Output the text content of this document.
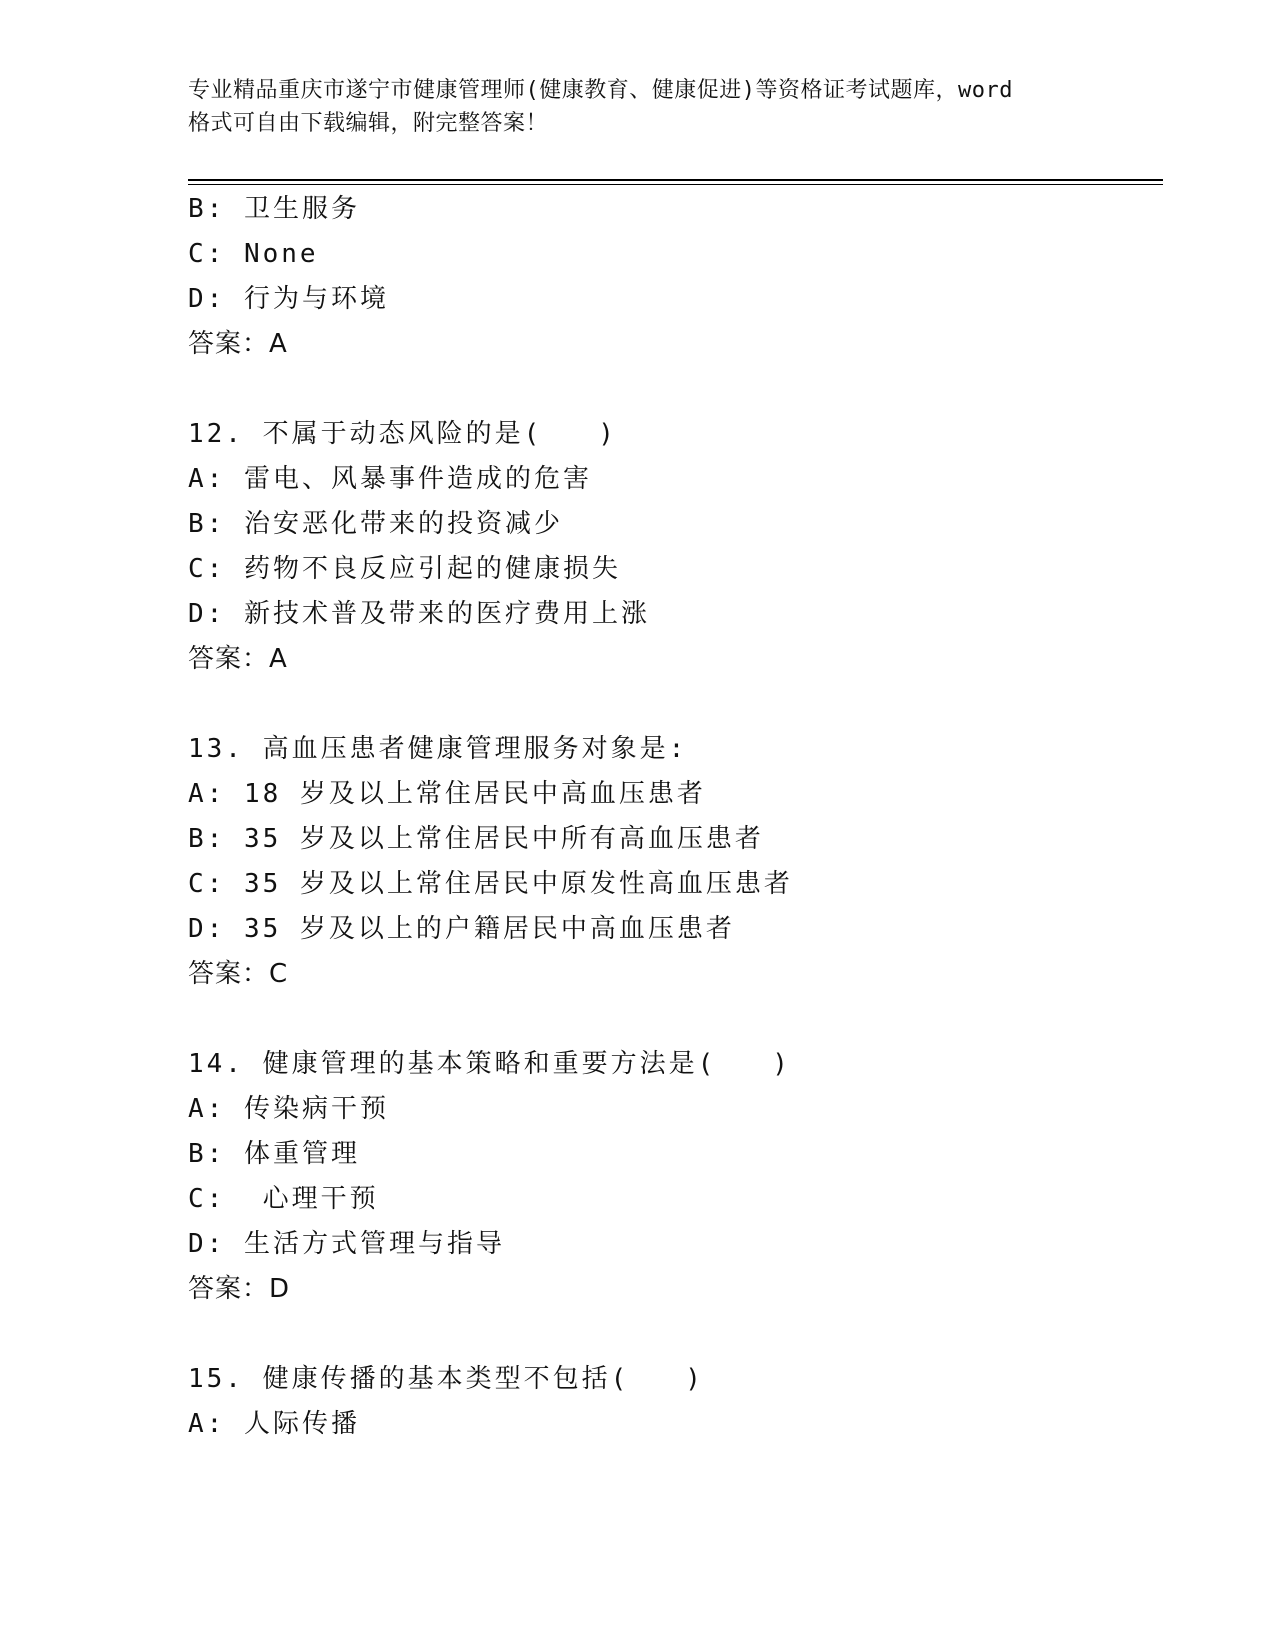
专业精品重庆市遂宁市健康管理师(健康教育、健康促进)等资格证考试题库，word
格式可自由下载编辑，附完整答案！
B: 卫生服务
C: None
D: 行为与环境
答案：A
12. 不属于动态风险的是(   )
A: 雷电、风暴事件造成的危害
B: 治安恶化带来的投资减少
C: 药物不良反应引起的健康损失
D: 新技术普及带来的医疗费用上涨
答案：A
13. 高血压患者健康管理服务对象是:
A: 18 岁及以上常住居民中高血压患者
B: 35 岁及以上常住居民中所有高血压患者
C: 35 岁及以上常住居民中原发性高血压患者
D: 35 岁及以上的户籍居民中高血压患者
答案：C
14. 健康管理的基本策略和重要方法是(   )
A: 传染病干预
B: 体重管理
C:  心理干预
D: 生活方式管理与指导
答案：D
15. 健康传播的基本类型不包括(   )
A: 人际传播
